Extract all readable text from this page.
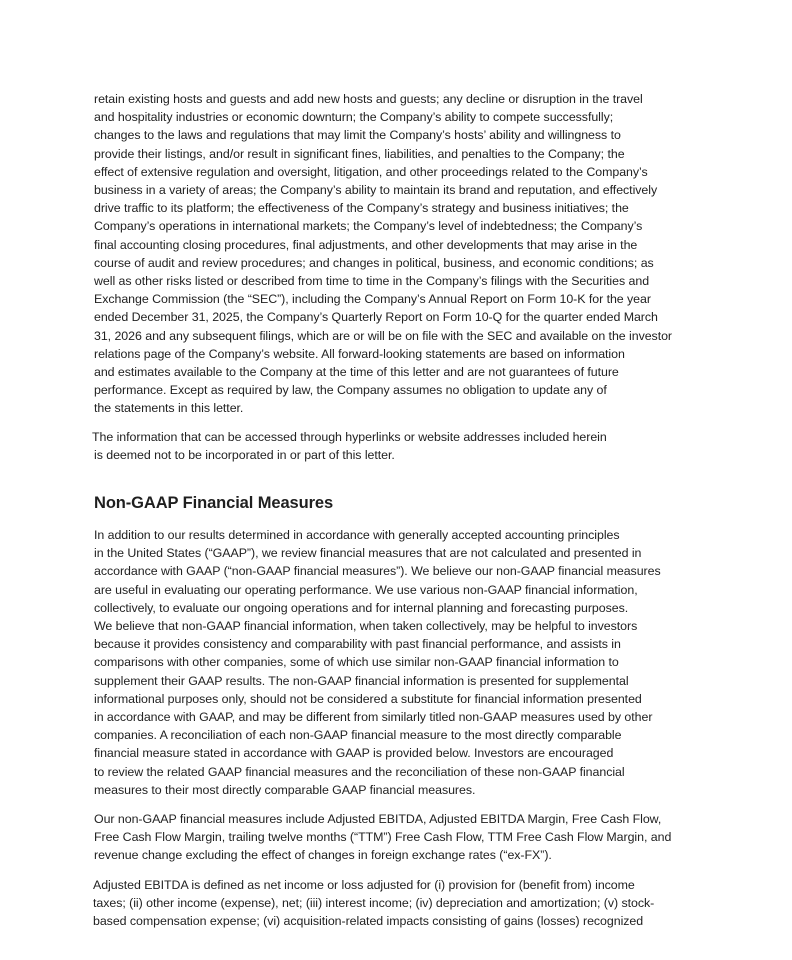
retain existing hosts and guests and add new hosts and guests; any decline or disruption in the travel
and hospitality industries or economic downturn; the Company’s ability to compete successfully;
changes to the laws and regulations that may limit the Company’s hosts’ ability and willingness to
provide their listings, and/or result in significant fines, liabilities, and penalties to the Company; the
effect of extensive regulation and oversight, litigation, and other proceedings related to the Company’s
business in a variety of areas; the Company’s ability to maintain its brand and reputation, and effectively
drive traffic to its platform; the effectiveness of the Company’s strategy and business initiatives; the
Company’s operations in international markets; the Company’s level of indebtedness; the Company’s
final accounting closing procedures, final adjustments, and other developments that may arise in the
course of audit and review procedures; and changes in political, business, and economic conditions; as
well as other risks listed or described from time to time in the Company’s filings with the Securities and
Exchange Commission (the “SEC”), including the Company’s Annual Report on Form 10-K for the year
ended December 31, 2025, the Company’s Quarterly Report on Form 10-Q for the quarter ended March
31, 2026 and any subsequent filings, which are or will be on file with the SEC and available on the investor
relations page of the Company’s website. All forward-looking statements are based on information
and estimates available to the Company at the time of this letter and are not guarantees of future
performance. Except as required by law, the Company assumes no obligation to update any of
the statements in this letter.
The information that can be accessed through hyperlinks or website addresses included herein
is deemed not to be incorporated in or part of this letter.
Non-GAAP Financial Measures
In addition to our results determined in accordance with generally accepted accounting principles
in the United States (“GAAP”), we review financial measures that are not calculated and presented in
accordance with GAAP (“non-GAAP financial measures”). We believe our non-GAAP financial measures
are useful in evaluating our operating performance. We use various non-GAAP financial information,
collectively, to evaluate our ongoing operations and for internal planning and forecasting purposes.
We believe that non-GAAP financial information, when taken collectively, may be helpful to investors
because it provides consistency and comparability with past financial performance, and assists in
comparisons with other companies, some of which use similar non-GAAP financial information to
supplement their GAAP results. The non-GAAP financial information is presented for supplemental
informational purposes only, should not be considered a substitute for financial information presented
in accordance with GAAP, and may be different from similarly titled non-GAAP measures used by other
companies. A reconciliation of each non-GAAP financial measure to the most directly comparable
financial measure stated in accordance with GAAP is provided below. Investors are encouraged
to review the related GAAP financial measures and the reconciliation of these non-GAAP financial
measures to their most directly comparable GAAP financial measures.
Our non-GAAP financial measures include Adjusted EBITDA, Adjusted EBITDA Margin, Free Cash Flow,
Free Cash Flow Margin, trailing twelve months (“TTM”) Free Cash Flow, TTM Free Cash Flow Margin, and
revenue change excluding the effect of changes in foreign exchange rates (“ex-FX”).
Adjusted EBITDA is defined as net income or loss adjusted for (i) provision for (benefit from) income
taxes; (ii) other income (expense), net; (iii) interest income; (iv) depreciation and amortization; (v) stock-
based compensation expense; (vi) acquisition-related impacts consisting of gains (losses) recognized
